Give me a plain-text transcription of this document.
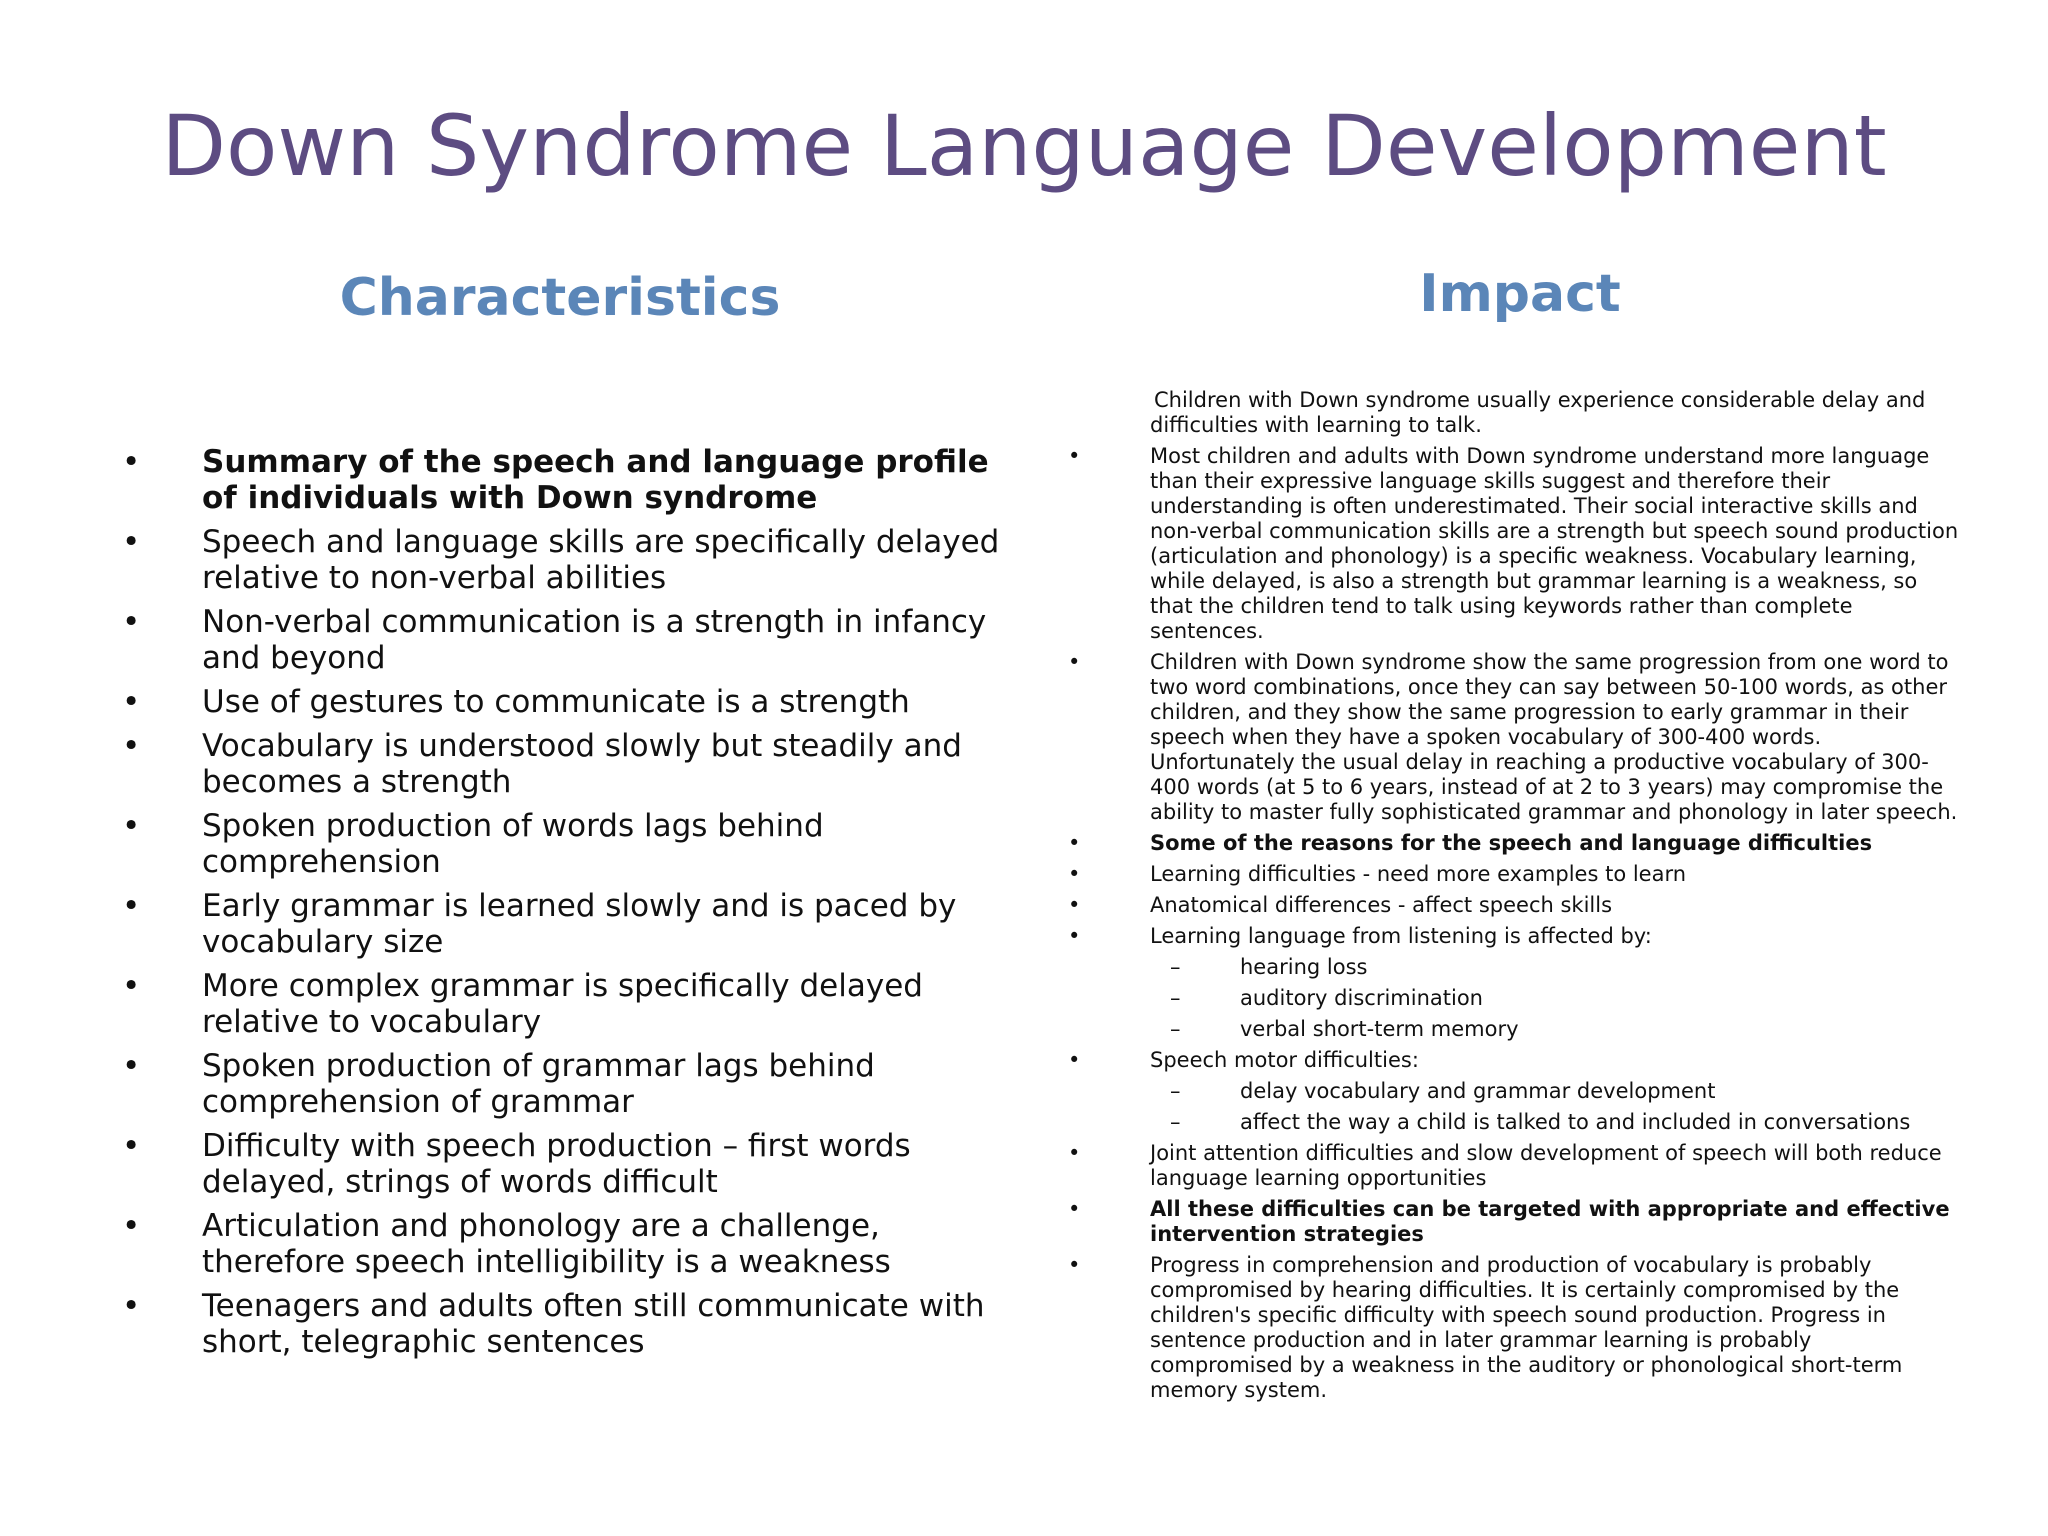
Down Syndrome Language Development
Characteristics	Impact
•	Summary of the speech and language profile of individuals with Down syndrome
•	Speech and language skills are specifically delayed relative to non-verbal abilities
•	Non-verbal communication is a strength in infancy and beyond
•	Use of gestures to communicate is a strength
•	Vocabulary is understood slowly but steadily and becomes a strength
•	Spoken production of words lags behind comprehension
•	Early grammar is learned slowly and is paced by vocabulary size
•	More complex grammar is specifically delayed relative to vocabulary
•	Spoken production of grammar lags behind comprehension of grammar
•	Difficulty with speech production – first words delayed, strings of words difficult
•	Articulation and phonology are a challenge, therefore speech intelligibility is a weakness
•	Teenagers and adults often still communicate with short, telegraphic sentences
Children with Down syndrome usually experience considerable delay and difficulties with learning to talk.
•	Most children and adults with Down syndrome understand more language than their expressive language skills suggest and therefore their understanding is often underestimated. Their social interactive skills and non-verbal communication skills are a strength but speech sound production (articulation and phonology) is a specific weakness. Vocabulary learning, while delayed, is also a strength but grammar learning is a weakness, so that the children tend to talk using keywords rather than complete sentences.
•	Children with Down syndrome show the same progression from one word to two word combinations, once they can say between 50-100 words, as other children, and they show the same progression to early grammar in their speech when they have a spoken vocabulary of 300-400 words. Unfortunately the usual delay in reaching a productive vocabulary of 300-400 words (at 5 to 6 years, instead of at 2 to 3 years) may compromise the ability to master fully sophisticated grammar and phonology in later speech.
•	Some of the reasons for the speech and language difficulties
•	Learning difficulties - need more examples to learn
•	Anatomical differences - affect speech skills
•	Learning language from listening is affected by:
–	hearing loss
–	auditory discrimination
–	verbal short-term memory
•	Speech motor difficulties:
–	delay vocabulary and grammar development
–	affect the way a child is talked to and included in conversations
•	Joint attention difficulties and slow development of speech will both reduce language learning opportunities
•	All these difficulties can be targeted with appropriate and effective intervention strategies
•	Progress in comprehension and production of vocabulary is probably compromised by hearing difficulties. It is certainly compromised by the children's specific difficulty with speech sound production. Progress in sentence production and in later grammar learning is probably compromised by a weakness in the auditory or phonological short-term memory system.
